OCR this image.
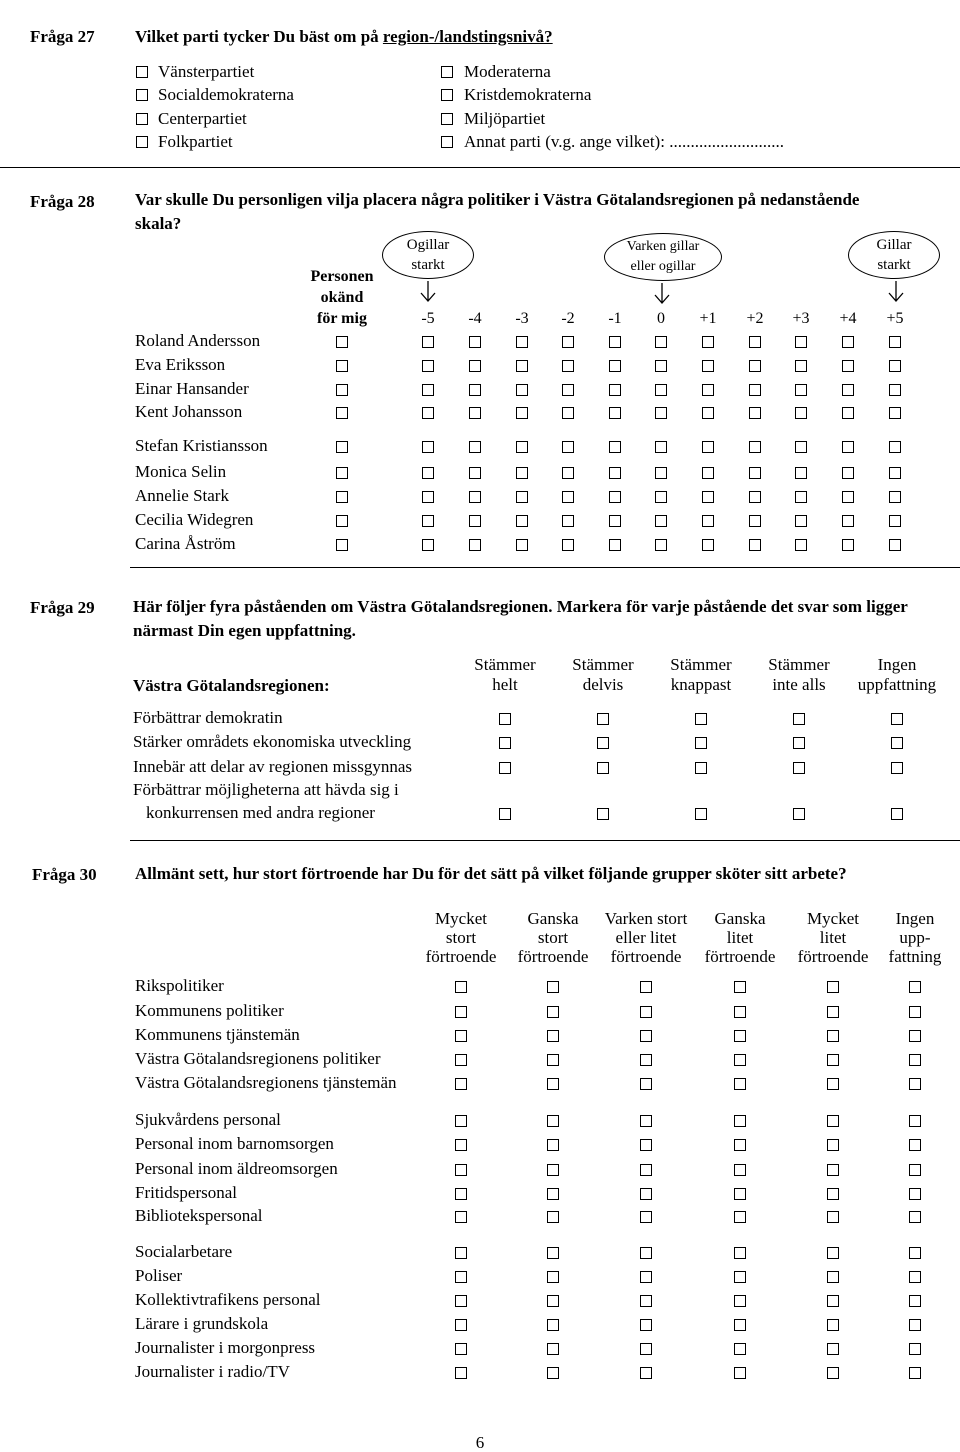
Fråga 27 Vilket parti tycker Du bäst om på region-/landstingsnivå?
Vänsterpartiet
Socialdemokraterna
Centerpartiet
Folkpartiet
Moderaterna
Kristdemokraterna
Miljöpartiet
Annat parti (v.g. ange vilket): ...........................
Fråga 28 Var skulle Du personligen vilja placera några politiker i Västra Götalandsregionen på nedanstående skala?
Ogillar
starkt
Varken gillar
eller ogillar
Gillar
starkt
Personen
okänd
för mig	-5 -4 -3 -2 -1 0 +1 +2 +3 +4 +5
Roland Andersson
Eva Eriksson
Einar Hansander
Kent Johansson
Stefan Kristiansson
Monica Selin
Annelie Stark
Cecilia Widegren
Carina Åström
Fråga 29 Här följer fyra påståenden om Västra Götalandsregionen. Markera för varje påstående det svar som ligger närmast Din egen uppfattning.
Västra Götalandsregionen:
Stämmer
helt
Stämmer
delvis
Stämmer
knappast
Stämmer
inte alls
Ingen
uppfattning
Förbättrar demokratin
Stärker områdets ekonomiska utveckling
Innebär att delar av regionen missgynnas
Förbättrar möjligheterna att hävda sig i
konkurrensen med andra regioner
Fråga 30 Allmänt sett, hur stort förtroende har Du för det sätt på vilket följande grupper sköter sitt arbete?
Mycket
stort
förtroende
Ganska
stort
förtroende
Varken stort
eller litet
förtroende
Ganska
litet
förtroende
Mycket
litet
förtroende
Ingen
upp-
fattning
Rikspolitiker
Kommunens politiker
Kommunens tjänstemän
Västra Götalandsregionens politiker
Västra Götalandsregionens tjänstemän
Sjukvårdens personal
Personal inom barnomsorgen
Personal inom äldreomsorgen
Fritidspersonal
Bibliotekspersonal
Socialarbetare
Poliser
Kollektivtrafikens personal
Lärare i grundskola
Journalister i morgonpress
Journalister i radio/TV
6
